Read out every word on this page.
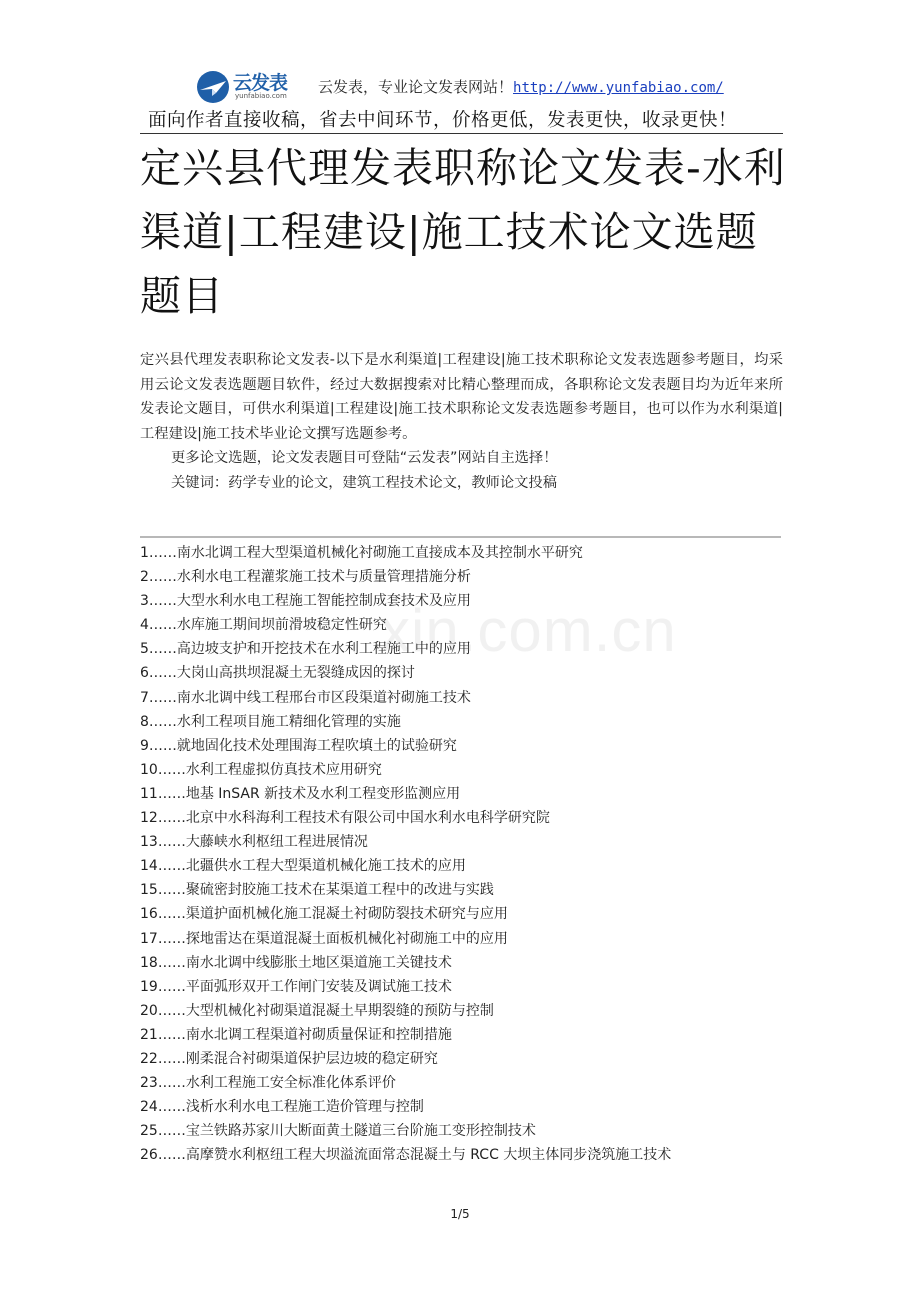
云发表
yunfabiao.com 云发表，专业论文发表网站！http://www.yunfabiao.com/
面向作者直接收稿，省去中间环节，价格更低，发表更快，收录更快！
定兴县代理发表职称论文发表-水利渠道|工程建设|施工技术论文选题题目

定兴县代理发表职称论文发表-以下是水利渠道|工程建设|施工技术职称论文发表选题参考题目，均采用云论文发表选题题目软件，经过大数据搜索对比精心整理而成，各职称论文发表题目均为近年来所发表论文题目，可供水利渠道|工程建设|施工技术职称论文发表选题参考题目，也可以作为水利渠道|工程建设|施工技术毕业论文撰写选题参考。

更多论文选题，论文发表题目可登陆“云发表”网站自主选择！

关键词：药学专业的论文，建筑工程技术论文，教师论文投稿

1……南水北调工程大型渠道机械化衬砌施工直接成本及其控制水平研究
2……水利水电工程灌浆施工技术与质量管理措施分析
3……大型水利水电工程施工智能控制成套技术及应用
4……水库施工期间坝前滑坡稳定性研究
5……高边坡支护和开挖技术在水利工程施工中的应用
6……大岗山高拱坝混凝土无裂缝成因的探讨
7……南水北调中线工程邢台市区段渠道衬砌施工技术
8……水利工程项目施工精细化管理的实施
9……就地固化技术处理围海工程吹填土的试验研究
10……水利工程虚拟仿真技术应用研究
11……地基 InSAR 新技术及水利工程变形监测应用
12……北京中水科海利工程技术有限公司中国水利水电科学研究院
13……大藤峡水利枢纽工程进展情况
14……北疆供水工程大型渠道机械化施工技术的应用
15……聚硫密封胶施工技术在某渠道工程中的改进与实践
16……渠道护面机械化施工混凝土衬砌防裂技术研究与应用
17……探地雷达在渠道混凝土面板机械化衬砌施工中的应用
18……南水北调中线膨胀土地区渠道施工关键技术
19……平面弧形双开工作闸门安装及调试施工技术
20……大型机械化衬砌渠道混凝土早期裂缝的预防与控制
21……南水北调工程渠道衬砌质量保证和控制措施
22……刚柔混合衬砌渠道保护层边坡的稳定研究
23……水利工程施工安全标准化体系评价
24……浅析水利水电工程施工造价管理与控制
25……宝兰铁路苏家川大断面黄土隧道三台阶施工变形控制技术
26……高摩赞水利枢纽工程大坝溢流面常态混凝土与 RCC 大坝主体同步浇筑施工技术
xin.com.cn
1/5
